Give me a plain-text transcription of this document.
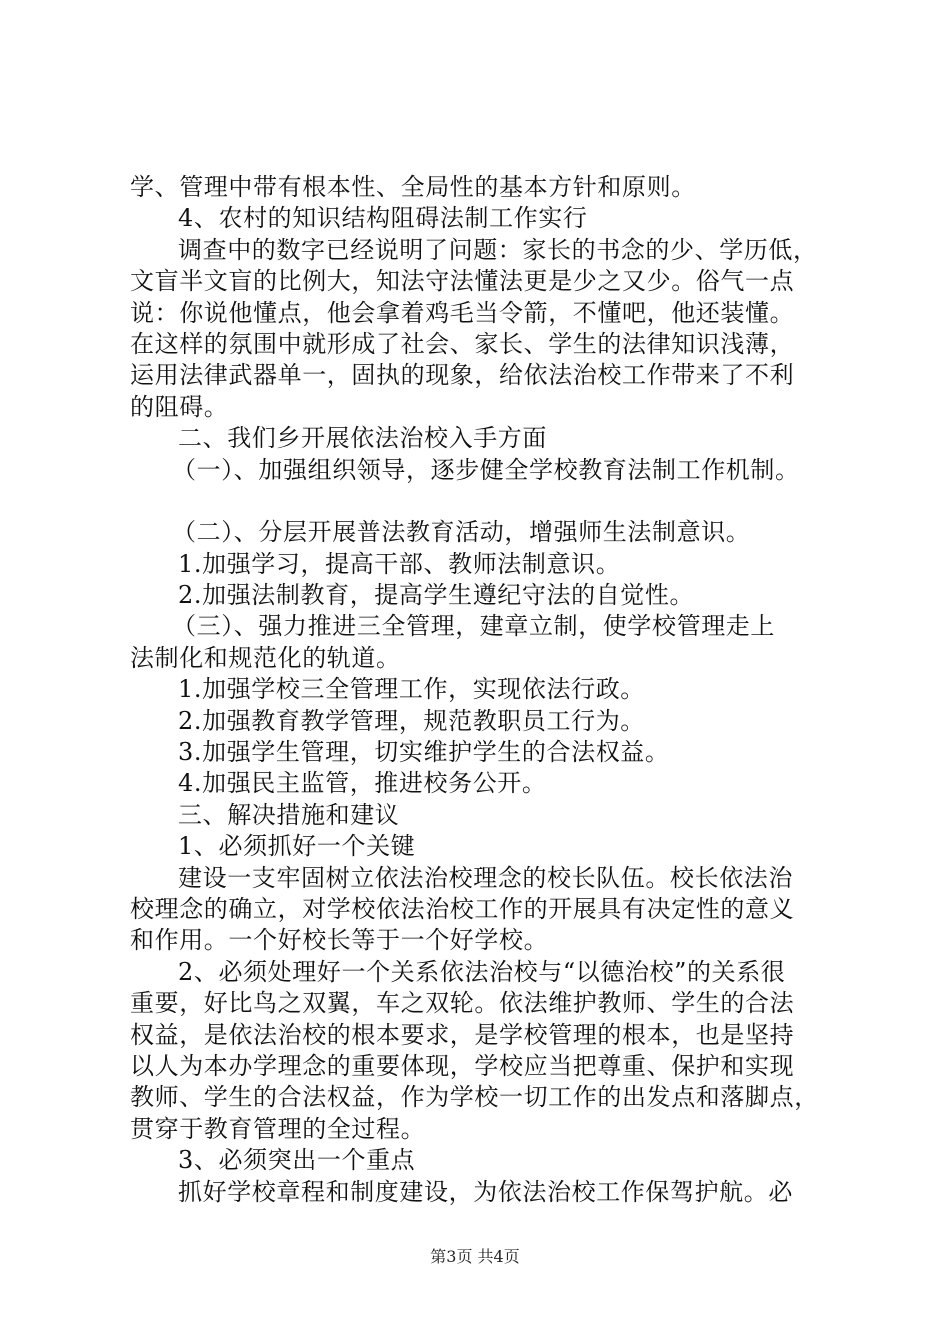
学、管理中带有根本性、全局性的基本方针和原则。
4、农村的知识结构阻碍法制工作实行
调查中的数字已经说明了问题：家长的书念的少、学历低，
文盲半文盲的比例大，知法守法懂法更是少之又少。俗气一点
说：你说他懂点，他会拿着鸡毛当令箭，不懂吧，他还装懂。
在这样的氛围中就形成了社会、家长、学生的法律知识浅薄，
运用法律武器单一，固执的现象，给依法治校工作带来了不利
的阻碍。
二、我们乡开展依法治校入手方面
（一）、加强组织领导，逐步健全学校教育法制工作机制。
（二）、分层开展普法教育活动，增强师生法制意识。
1.加强学习，提高干部、教师法制意识。
2.加强法制教育，提高学生遵纪守法的自觉性。
（三）、强力推进三全管理，建章立制，使学校管理走上
法制化和规范化的轨道。
1.加强学校三全管理工作，实现依法行政。
2.加强教育教学管理，规范教职员工行为。
3.加强学生管理，切实维护学生的合法权益。
4.加强民主监管，推进校务公开。
三、解决措施和建议
1、必须抓好一个关键
建设一支牢固树立依法治校理念的校长队伍。校长依法治
校理念的确立，对学校依法治校工作的开展具有决定性的意义
和作用。一个好校长等于一个好学校。
2、必须处理好一个关系依法治校与“以德治校”的关系很
重要，好比鸟之双翼，车之双轮。依法维护教师、学生的合法
权益，是依法治校的根本要求，是学校管理的根本，也是坚持
以人为本办学理念的重要体现，学校应当把尊重、保护和实现
教师、学生的合法权益，作为学校一切工作的出发点和落脚点，
贯穿于教育管理的全过程。
3、必须突出一个重点
抓好学校章程和制度建设，为依法治校工作保驾护航。必
第3页 共4页
